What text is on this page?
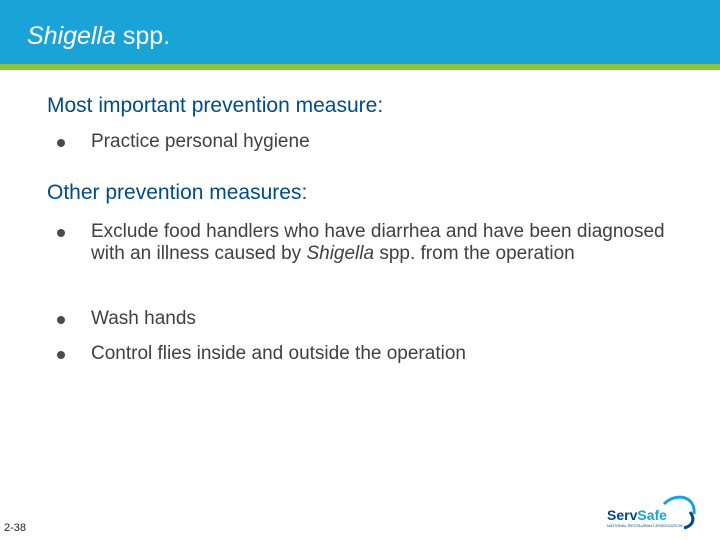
Shigella spp.
Most important prevention measure:
Practice personal hygiene
Other prevention measures:
Exclude food handlers who have diarrhea and have been diagnosed with an illness caused by Shigella spp. from the operation
Wash hands
Control flies inside and outside the operation
2-38
ServSafe
NATIONAL RESTAURANT ASSOCIATION
